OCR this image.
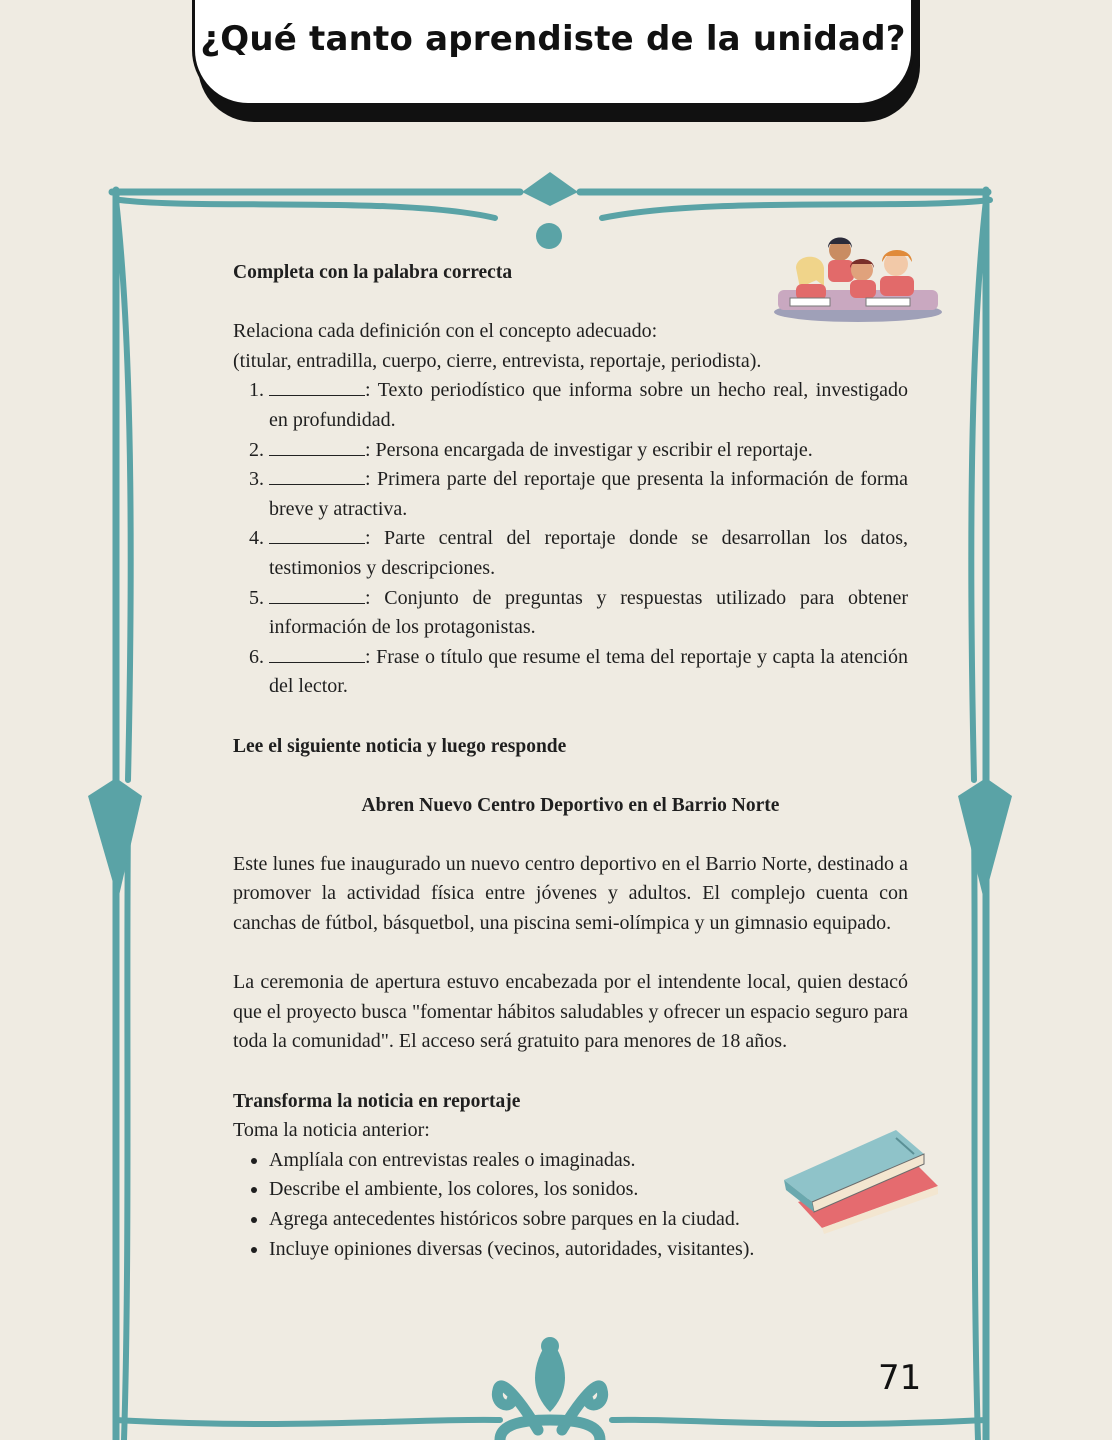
¿Qué tanto aprendiste de la unidad?

Completa con la palabra correcta

Relaciona cada definición con el concepto adecuado:

(titular, entradilla, cuerpo, cierre, entrevista, reportaje, periodista).

1. : Texto periodístico que informa sobre un hecho real, investigado en profundidad.
2. : Persona encargada de investigar y escribir el reportaje.
3. : Primera parte del reportaje que presenta la información de forma breve y atractiva.
4. : Parte central del reportaje donde se desarrollan los datos, testimonios y descripciones.
5. : Conjunto de preguntas y respuestas utilizado para obtener información de los protagonistas.
6. : Frase o título que resume el tema del reportaje y capta la atención del lector.

Lee el siguiente noticia y luego responde

Abren Nuevo Centro Deportivo en el Barrio Norte

Este lunes fue inaugurado un nuevo centro deportivo en el Barrio Norte, destinado a promover la actividad física entre jóvenes y adultos. El complejo cuenta con canchas de fútbol, básquetbol, una piscina semi-olímpica y un gimnasio equipado.

La ceremonia de apertura estuvo encabezada por el intendente local, quien destacó que el proyecto busca "fomentar hábitos saludables y ofrecer un espacio seguro para toda la comunidad". El acceso será gratuito para menores de 18 años.

Transforma la noticia en reportaje

Toma la noticia anterior:

• Amplíala con entrevistas reales o imaginadas.
• Describe el ambiente, los colores, los sonidos.
• Agrega antecedentes históricos sobre parques en la ciudad.
• Incluye opiniones diversas (vecinos, autoridades, visitantes).
71
